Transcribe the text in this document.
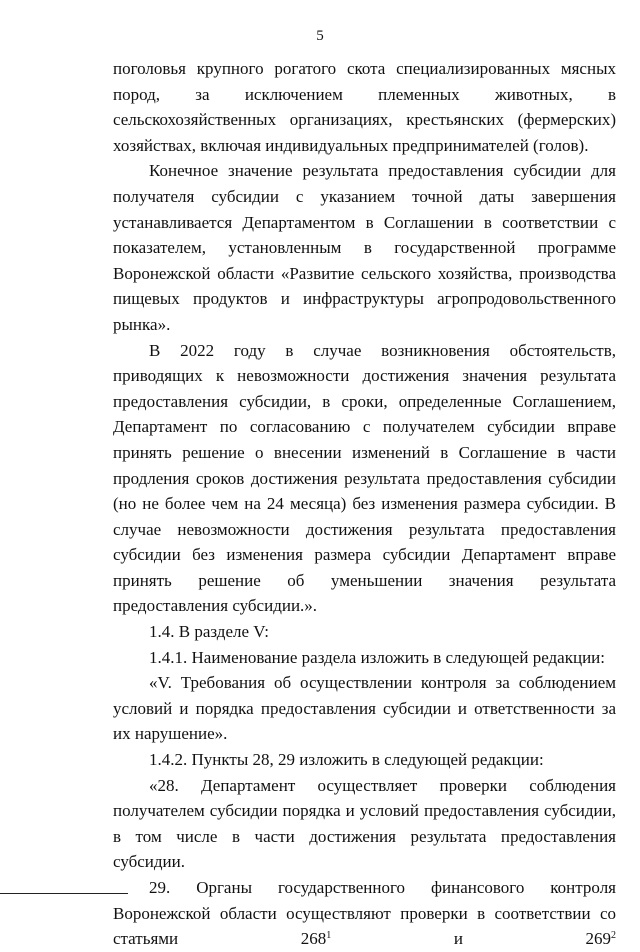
5

поголовья крупного рогатого скота специализированных мясных пород, за исключением племенных животных, в сельскохозяйственных организациях, крестьянских (фермерских) хозяйствах, включая индивидуальных предпринимателей (голов).

Конечное значение результата предоставления субсидии для получателя субсидии с указанием точной даты завершения устанавливается Департаментом в Соглашении в соответствии с показателем, установленным в государственной программе Воронежской области «Развитие сельского хозяйства, производства пищевых продуктов и инфраструктуры агропродовольственного рынка».

В 2022 году в случае возникновения обстоятельств, приводящих к невозможности достижения значения результата предоставления субсидии, в сроки, определенные Соглашением, Департамент по согласованию с получателем субсидии вправе принять решение о внесении изменений в Соглашение в части продления сроков достижения результата предоставления субсидии (но не более чем на 24 месяца) без изменения размера субсидии. В случае невозможности достижения результата предоставления субсидии без изменения размера субсидии Департамент вправе принять решение об уменьшении значения результата предоставления субсидии.».

1.4. В разделе V:

1.4.1. Наименование раздела изложить в следующей редакции:

«V. Требования об осуществлении контроля за соблюдением условий и порядка предоставления субсидии и ответственности за их нарушение».

1.4.2. Пункты 28, 29 изложить в следующей редакции:

«28. Департамент осуществляет проверки соблюдения получателем субсидии порядка и условий предоставления субсидии, в том числе в части достижения результата предоставления субсидии.

29. Органы государственного финансового контроля Воронежской области осуществляют проверки в соответствии со статьями $268^1$ и $269^2$
